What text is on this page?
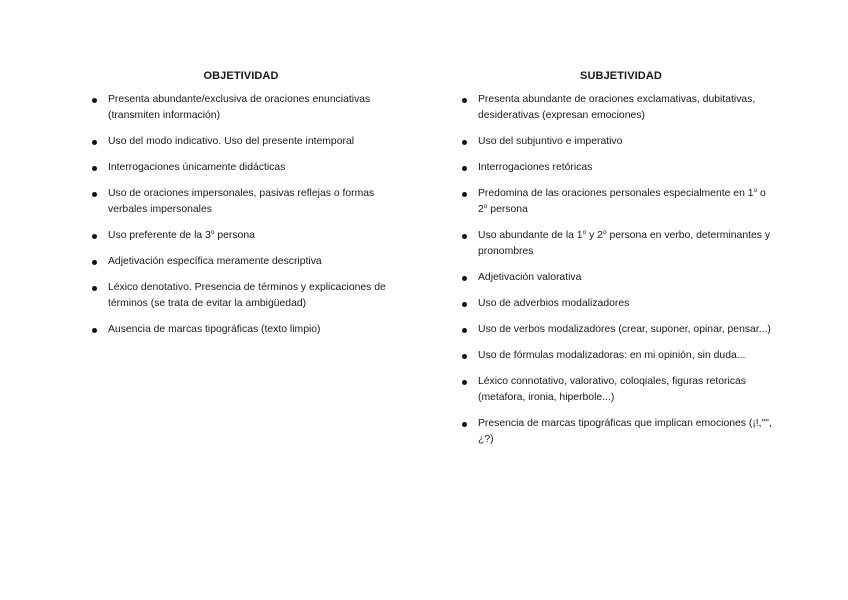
OBJETIVIDAD
Presenta abundante/exclusiva de oraciones enunciativas (transmiten información)
Uso del modo indicativo. Uso del presente intemporal
Interrogaciones únicamente didácticas
Uso de oraciones impersonales, pasivas reflejas o formas verbales impersonales
Uso preferente de la 3$^o$ persona
Adjetivación específica meramente descriptiva
Léxico denotativo. Presencia de términos y explicaciones de términos (se trata de evitar la ambigüedad)
Ausencia de marcas tipográficas (texto limpio)
SUBJETIVIDAD
Presenta abundante de oraciones exclamativas, dubitativas, desiderativas (expresan emociones)
Uso del subjuntivo e imperativo
Interrogaciones retóricas
Predomina de las oraciones personales especialmente en 1$^o$ o 2$^o$ persona
Uso abundante de la 1$^o$ y 2$^o$ persona en verbo, determinantes y pronombres
Adjetivación valorativa
Uso de adverbios modalizadores
Uso de verbos modalizadores (crear, suponer, opinar, pensar...)
Uso de fórmulas modalizadoras: en mi opinión, sin duda...
Léxico connotativo, valorativo, coloqiales, figuras retoricas (metafora, ironia, hiperbole...)
Presencia de marcas tipográficas que implican emociones (¡!,"",¿?)
